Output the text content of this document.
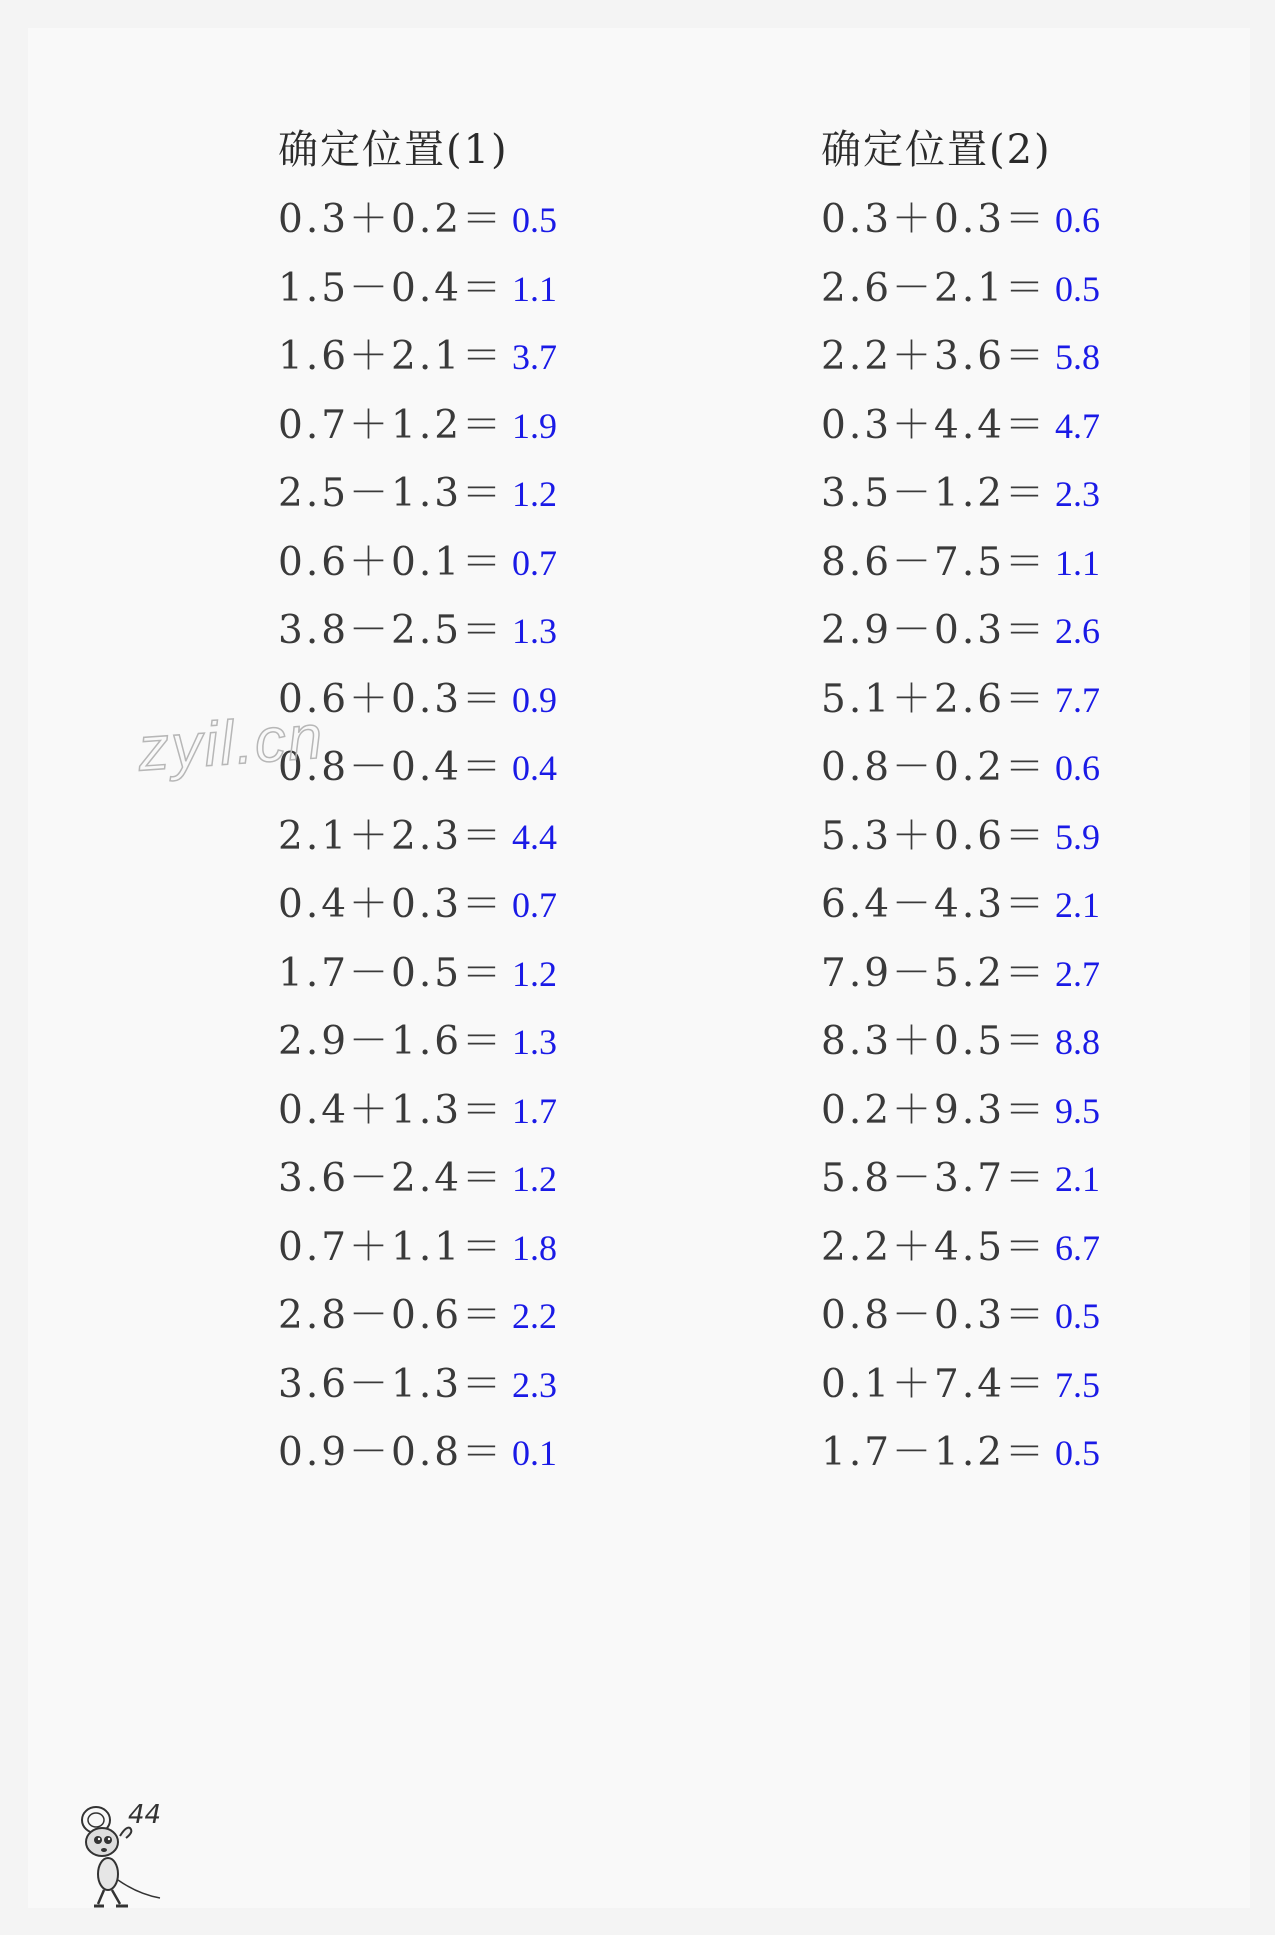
确定位置(1)
0.3＋0.2＝ 0.5
1.5－0.4＝ 1.1
1.6＋2.1＝ 3.7
0.7＋1.2＝ 1.9
2.5－1.3＝ 1.2
0.6＋0.1＝ 0.7
3.8－2.5＝ 1.3
0.6＋0.3＝ 0.9
0.8－0.4＝ 0.4
2.1＋2.3＝ 4.4
0.4＋0.3＝ 0.7
1.7－0.5＝ 1.2
2.9－1.6＝ 1.3
0.4＋1.3＝ 1.7
3.6－2.4＝ 1.2
0.7＋1.1＝ 1.8
2.8－0.6＝ 2.2
3.6－1.3＝ 2.3
0.9－0.8＝ 0.1
确定位置(2)
0.3＋0.3＝ 0.6
2.6－2.1＝ 0.5
2.2＋3.6＝ 5.8
0.3＋4.4＝ 4.7
3.5－1.2＝ 2.3
8.6－7.5＝ 1.1
2.9－0.3＝ 2.6
5.1＋2.6＝ 7.7
0.8－0.2＝ 0.6
5.3＋0.6＝ 5.9
6.4－4.3＝ 2.1
7.9－5.2＝ 2.7
8.3＋0.5＝ 8.8
0.2＋9.3＝ 9.5
5.8－3.7＝ 2.1
2.2＋4.5＝ 6.7
0.8－0.3＝ 0.5
0.1＋7.4＝ 7.5
1.7－1.2＝ 0.5
zyil.cn
44
